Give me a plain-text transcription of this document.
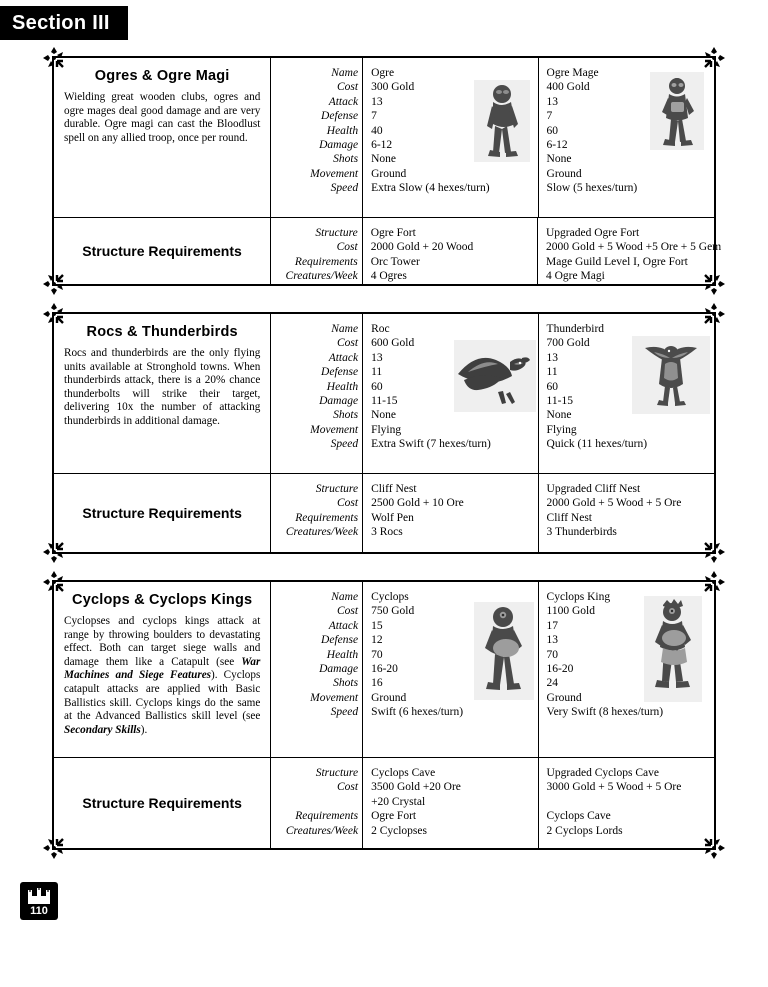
Section III
Ogres & Ogre Magi
Wielding great wooden clubs, ogres and ogre mages deal good damage and are very durable. Ogre magi can cast the Bloodlust spell on any allied troop, once per round.
Name
Cost
Attack
Defense
Health
Damage
Shots
Movement
Speed
Ogre
300 Gold
13
7
40
6-12
None
Ground
Extra Slow (4 hexes/turn)
Ogre Mage
400 Gold
13
7
60
6-12
None
Ground
Slow (5 hexes/turn)
Structure Requirements
Structure
Cost
Requirements
Creatures/Week
Ogre Fort
2000 Gold + 20 Wood
Orc Tower
4 Ogres
Upgraded Ogre Fort
2000 Gold + 5 Wood +5 Ore + 5 Gem
Mage Guild Level I, Ogre Fort
4 Ogre Magi
Rocs & Thunderbirds
Rocs and thunderbirds are the only flying units available at Stronghold towns. When thunderbirds attack, there is a 20% chance thunderbolts will strike their target, delivering 10x the number of attacking thunderbirds in additional damage.
Name
Cost
Attack
Defense
Health
Damage
Shots
Movement
Speed
Roc
600 Gold
13
11
60
11-15
None
Flying
Extra Swift (7 hexes/turn)
Thunderbird
700 Gold
13
11
60
11-15
None
Flying
Quick (11 hexes/turn)
Structure Requirements
Structure
Cost
Requirements
Creatures/Week
Cliff Nest
2500 Gold + 10 Ore
Wolf Pen
3 Rocs
Upgraded Cliff Nest
2000 Gold + 5 Wood + 5 Ore
Cliff Nest
3 Thunderbirds
Cyclops & Cyclops Kings
Cyclopses and cyclops kings attack at range by throwing boulders to devastating effect. Both can target siege walls and damage them like a Catapult (see War Machines and Siege Features). Cyclops catapult attacks are applied with Basic Ballistics skill. Cyclops kings do the same at the Advanced Ballistics skill level (see Secondary Skills).
Name
Cost
Attack
Defense
Health
Damage
Shots
Movement
Speed
Cyclops
750 Gold
15
12
70
16-20
16
Ground
Swift (6 hexes/turn)
Cyclops King
1100 Gold
17
13
70
16-20
24
Ground
Very Swift (8 hexes/turn)
Structure Requirements
Structure
Cost
Requirements
Creatures/Week
Cyclops Cave
3500 Gold +20 Ore
+20 Crystal
Ogre Fort
2 Cyclopses
Upgraded Cyclops Cave
3000 Gold + 5 Wood + 5 Ore
Cyclops Cave
2 Cyclops Lords
110
